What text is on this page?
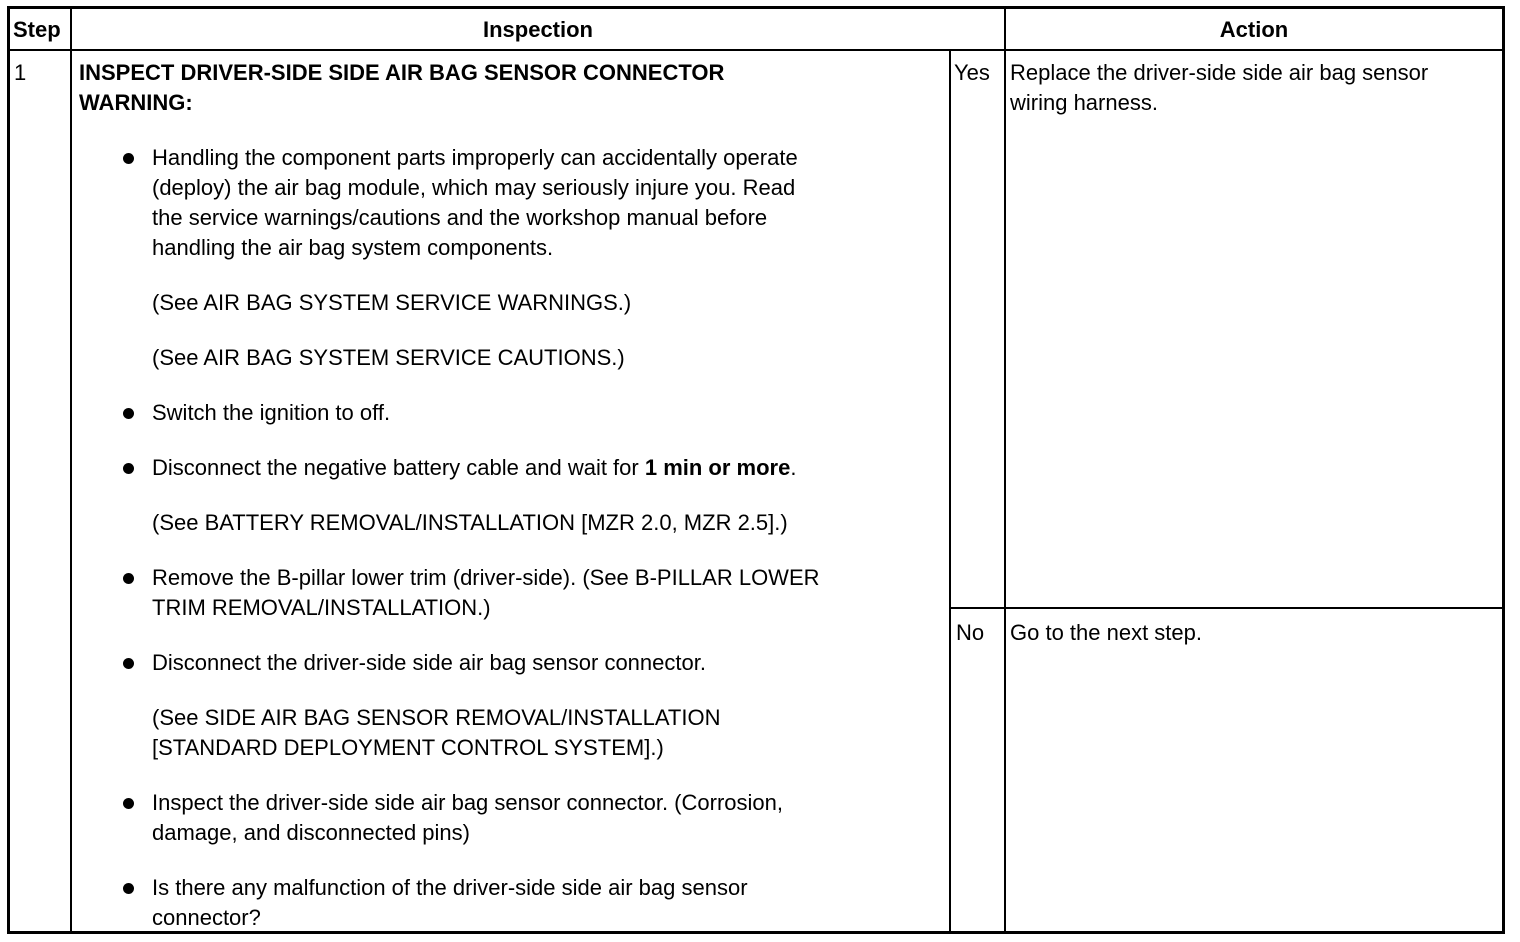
Step	Inspection	Action
1 INSPECT DRIVER-SIDE SIDE AIR BAG SENSOR CONNECTOR
WARNING:
Handling the component parts improperly can accidentally operate
(deploy) the air bag module, which may seriously injure you. Read
the service warnings/cautions and the workshop manual before
handling the air bag system components.
(See AIR BAG SYSTEM SERVICE WARNINGS.)
(See AIR BAG SYSTEM SERVICE CAUTIONS.)
Switch the ignition to off.
Disconnect the negative battery cable and wait for 1 min or more.
(See BATTERY REMOVAL/INSTALLATION [MZR 2.0, MZR 2.5].)
Remove the B-pillar lower trim (driver-side). (See B-PILLAR LOWER
TRIM REMOVAL/INSTALLATION.)
Disconnect the driver-side side air bag sensor connector.
(See SIDE AIR BAG SENSOR REMOVAL/INSTALLATION
[STANDARD DEPLOYMENT CONTROL SYSTEM].)
Inspect the driver-side side air bag sensor connector. (Corrosion,
damage, and disconnected pins)
Is there any malfunction of the driver-side side air bag sensor
connector?
Yes Replace the driver-side side air bag sensor
wiring harness.
No Go to the next step.
